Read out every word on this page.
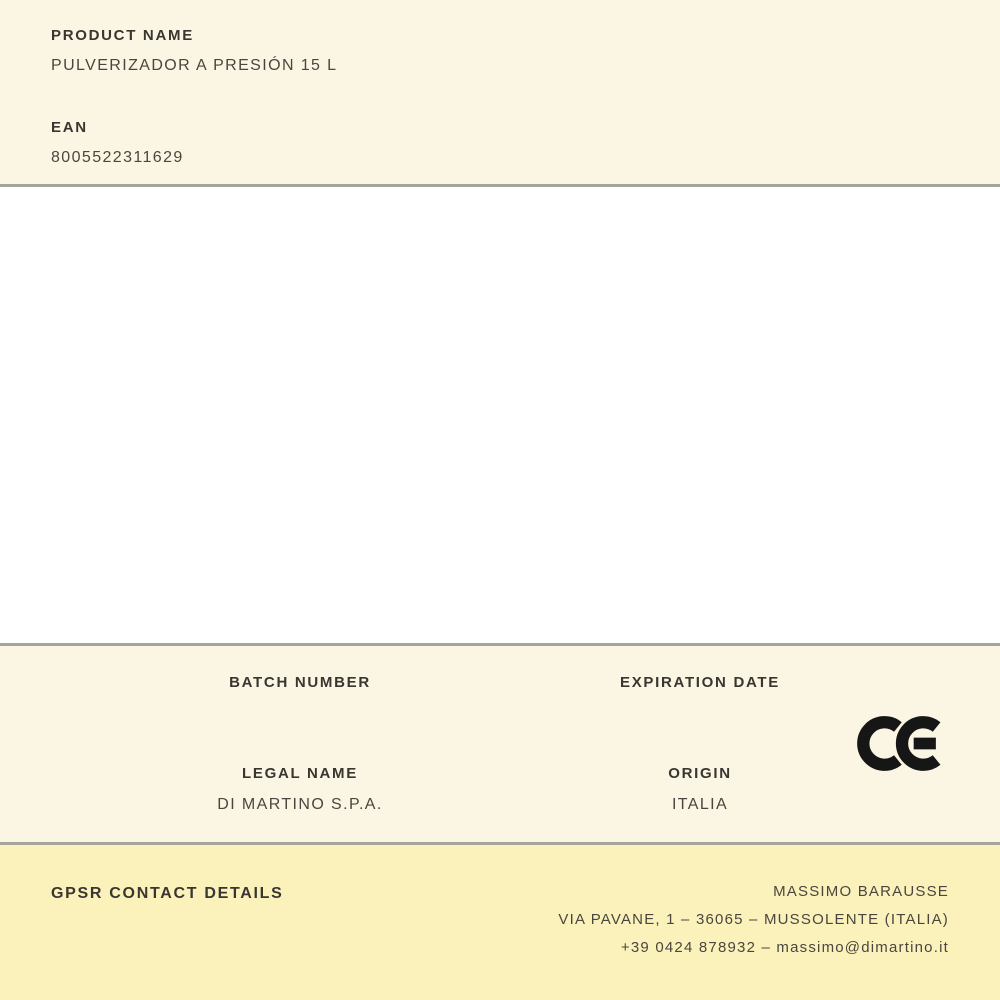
PRODUCT NAME
PULVERIZADOR A PRESIÓN 15 L
EAN
8005522311629
BATCH NUMBER	EXPIRATION DATE
LEGAL NAME
DI MARTINO S.P.A.
ORIGIN
ITALIA
GPSR CONTACT DETAILS	MASSIMO BARAUSSE
VIA PAVANE, 1 – 36065 – MUSSOLENTE (ITALIA)
+39 0424 878932 – massimo@dimartino.it
